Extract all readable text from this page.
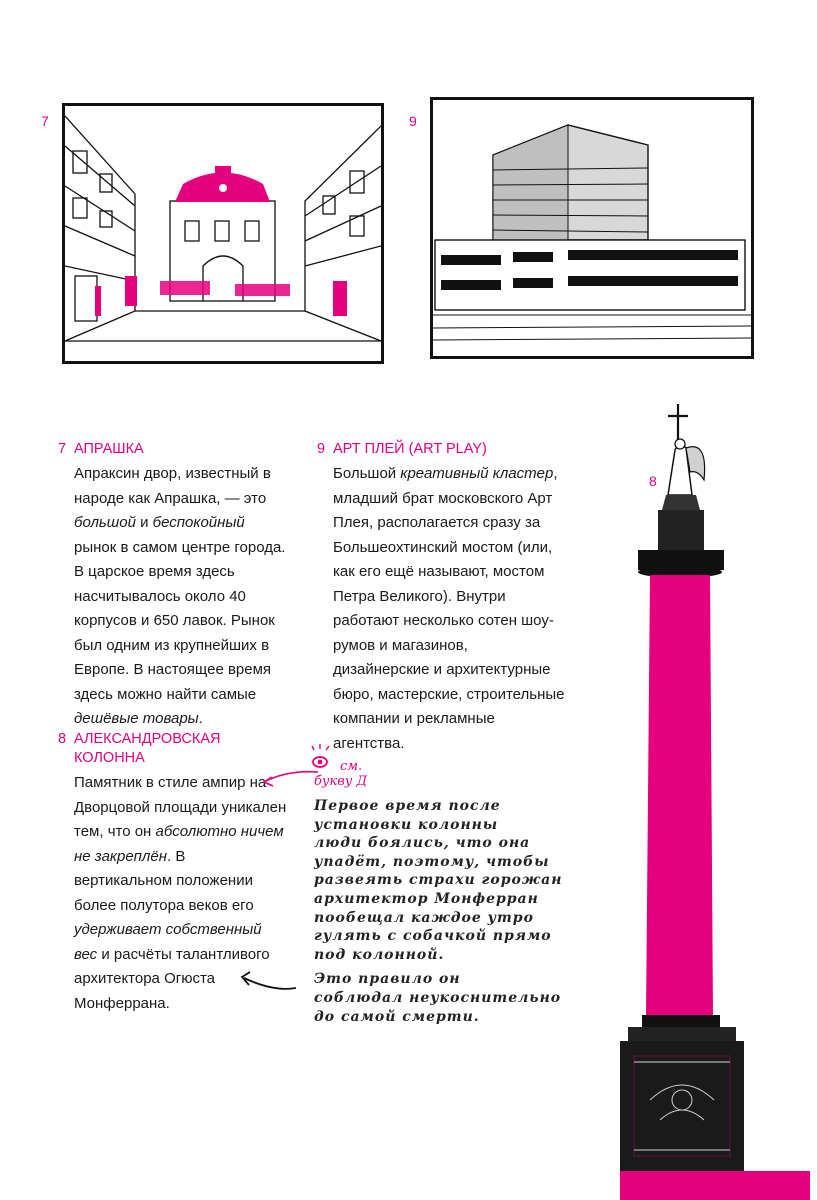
7	9
8
7 АПРАШКА

Апраксин двор, известный в народе как Апрашка, — это большой и беспокойный рынок в самом центре города. В царское время здесь насчитывалось около 40 корпусов и 650 лавок. Рынок был одним из крупнейших в Европе. В настоящее время здесь можно найти самые дешёвые товары.

9 АРТ ПЛЕЙ (ART PLAY)

Большой креативный кластер, младший брат московского Арт Плея, располагается сразу за Большеохтинский мостом (или, как его ещё называют, мостом Петра Великого). Внутри работают несколько сотен шоу-румов и магазинов, дизайнерские и архитектурные бюро, мастерские, строительные компании и рекламные агентства.

8 АЛЕКСАНДРОВСКАЯ КОЛОННА

Памятник в стиле ампир на Дворцовой площади уникален тем, что он абсолютно ничем не закреплён. В вертикальном положении более полутора веков его удерживает собственный вес и расчёты талантливого архитектора Огюста Монферрана.

см.
$^{букву Д}$
Первое время после
установки колонны
люди боялись, что она
упадёт, поэтому, чтобы
развеять страхи горожан
архитектор Монферран
пообещал каждое утро
гулять с собачкой прямо
под колонной.
Это правило он
соблюдал неукоснительно
до самой смерти.
